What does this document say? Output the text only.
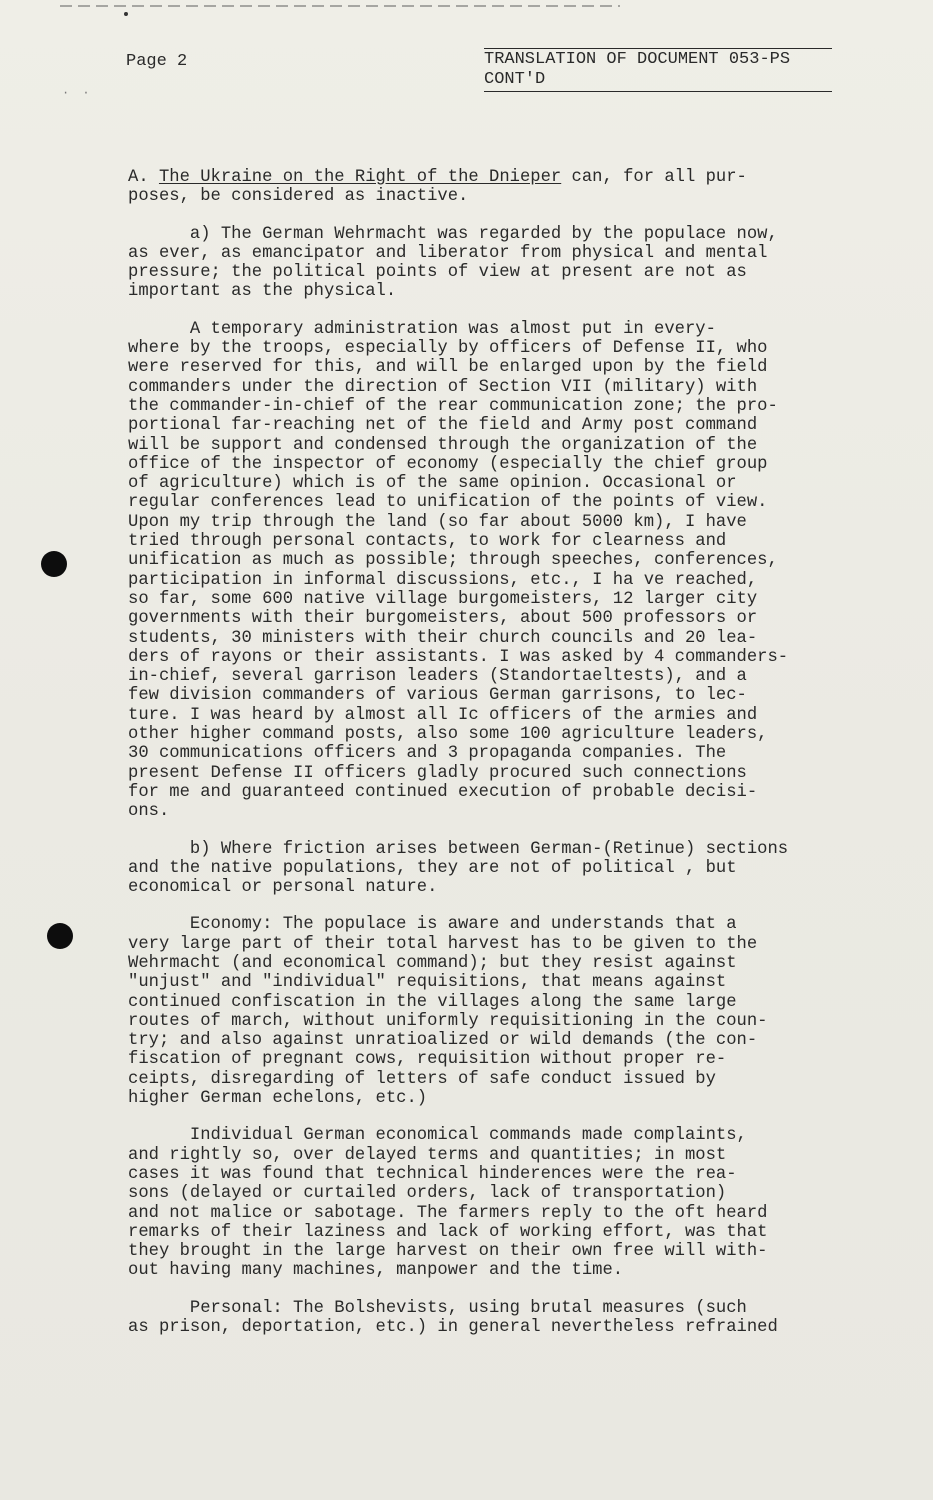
· ·
Page 2	TRANSLATION OF DOCUMENT 053-PS
CONT'D
A. The Ukraine on the Right of the Dnieper can, for all pur-
poses, be considered as inactive.
a) The German Wehrmacht was regarded by the populace now,
as ever, as emancipator and liberator from physical and mental
pressure; the political points of view at present are not as
important as the physical.
A temporary administration was almost put in every-
where by the troops, especially by officers of Defense II, who
were reserved for this, and will be enlarged upon by the field
commanders under the direction of Section VII (military) with
the commander-in-chief of the rear communication zone; the pro-
portional far-reaching net of the field and Army post command
will be support and condensed through the organization of the
office of the inspector of economy (especially the chief group
of agriculture) which is of the same opinion. Occasional or
regular conferences lead to unification of the points of view.
Upon my trip through the land (so far about 5000 km), I have
tried through personal contacts, to work for clearness and
unification as much as possible; through speeches, conferences,
participation in informal discussions, etc., I ha ve reached,
so far, some 600 native village burgomeisters, 12 larger city
governments with their burgomeisters, about 500 professors or
students, 30 ministers with their church councils and 20 lea-
ders of rayons or their assistants. I was asked by 4 commanders-
in-chief, several garrison leaders (Standortaeltests), and a
few division commanders of various German garrisons, to lec-
ture. I was heard by almost all Ic officers of the armies and
other higher command posts, also some 100 agriculture leaders,
30 communications officers and 3 propaganda companies. The
present Defense II officers gladly procured such connections
for me and guaranteed continued execution of probable decisi-
ons.
b) Where friction arises between German-(Retinue) sections
and the native populations, they are not of political , but
economical or personal nature.
Economy: The populace is aware and understands that a
very large part of their total harvest has to be given to the
Wehrmacht (and economical command); but they resist against
"unjust" and "individual" requisitions, that means against
continued confiscation in the villages along the same large
routes of march, without uniformly requisitioning in the coun-
try; and also against unratioalized or wild demands (the con-
fiscation of pregnant cows, requisition without proper re-
ceipts, disregarding of letters of safe conduct issued by
higher German echelons, etc.)
Individual German economical commands made complaints,
and rightly so, over delayed terms and quantities; in most
cases it was found that technical hinderences were the rea-
sons (delayed or curtailed orders, lack of transportation)
and not malice or sabotage. The farmers reply to the oft heard
remarks of their laziness and lack of working effort, was that
they brought in the large harvest on their own free will with-
out having many machines, manpower and the time.
Personal: The Bolshevists, using brutal measures (such
as prison, deportation, etc.) in general nevertheless refrained
